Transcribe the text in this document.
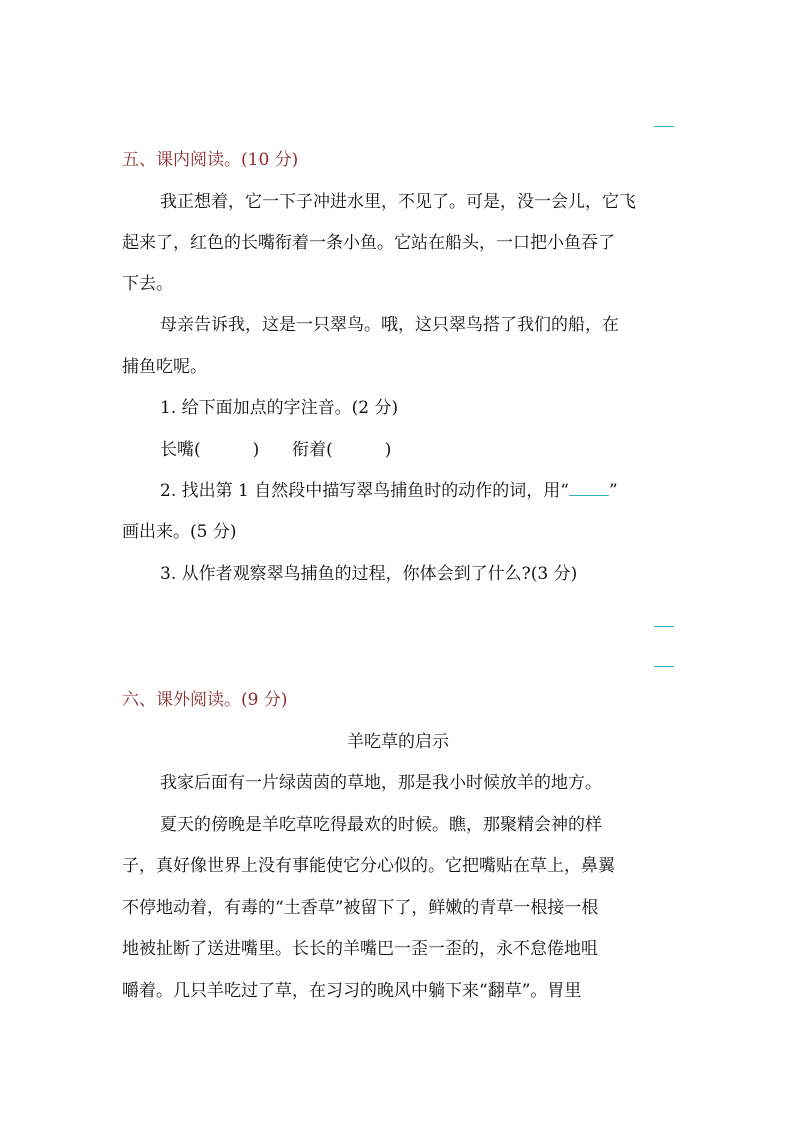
五、课内阅读。(10 分)
我正想着，它一下子冲进水里，不见了。可是，没一会儿，它飞
起来了，红色的长嘴衔着一条小鱼。它站在船头，一口把小鱼吞了
下去。
母亲告诉我，这是一只翠鸟。哦，这只翠鸟搭了我们的船，在
捕鱼吃呢。
1. 给下面加点的字注音。(2 分)
长嘴(	) 衔着(	)
2. 找出第 1 自然段中描写翠鸟捕鱼时的动作的词，用“ ”
画出来。(5 分)
3. 从作者观察翠鸟捕鱼的过程，你体会到了什么?(3 分)
六、课外阅读。(9 分)
羊吃草的启示
我家后面有一片绿茵茵的草地，那是我小时候放羊的地方。
夏天的傍晚是羊吃草吃得最欢的时候。瞧，那聚精会神的样
子，真好像世界上没有事能使它分心似的。它把嘴贴在草上，鼻翼
不停地动着，有毒的“土香草”被留下了，鲜嫩的青草一根接一根
地被扯断了送进嘴里。长长的羊嘴巴一歪一歪的，永不怠倦地咀
嚼着。几只羊吃过了草，在习习的晚风中躺下来“翻草”。胃里
